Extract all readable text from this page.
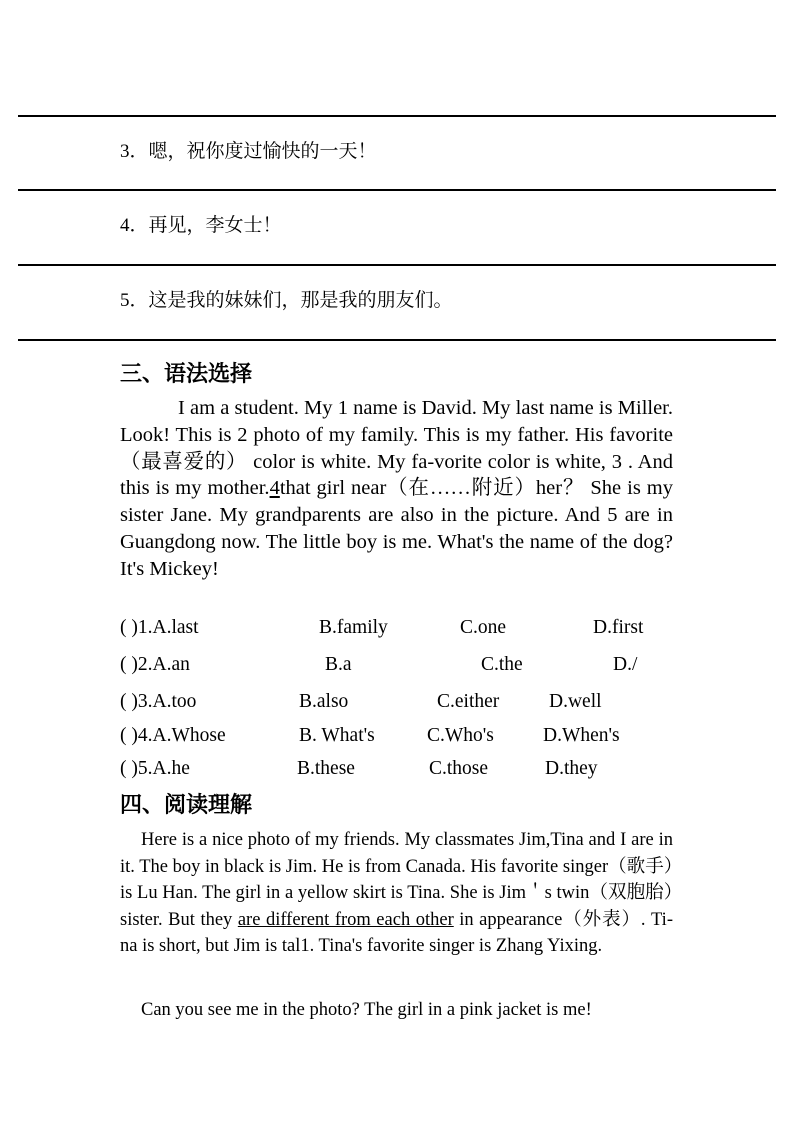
3．嗯，祝你度过愉快的一天！
4．再见，李女士！
5．这是我的妹妹们，那是我的朋友们。
三、语法选择
I am a student. My 1 name is David. My last name is Miller. Look! This is 2 photo of my family. This is my father. His favorite（最喜爱的） color is white. My fa-vorite color is white, 3 . And this is my mother.4that girl near（在……附近）her？ She is my sister Jane. My grandparents are also in the picture. And 5 are in Guangdong now. The little boy is me. What's the name of the dog? It's Mickey!
( )1.A.last	B.family	C.one	D.first
( )2.A.an	B.a	C.the	D./
( )3.A.too	B.also	C.either	D.well
( )4.A.Whose	B. What's	C.Who's	D.When's
( )5.A.he	B.these	C.those	D.they
四、阅读理解
Here is a nice photo of my friends. My classmates Jim,Tina and I are in it. The boy in black is Jim. He is from Canada. His favorite singer（歌手）is Lu Han. The girl in a yellow skirt is Tina. She is Jim＇s twin（双胞胎）sister. But they are different from each other in appearance（外表）. Ti-na is short, but Jim is tal1. Tina's favorite singer is Zhang Yixing.
Can you see me in the photo? The girl in a pink jacket is me!
